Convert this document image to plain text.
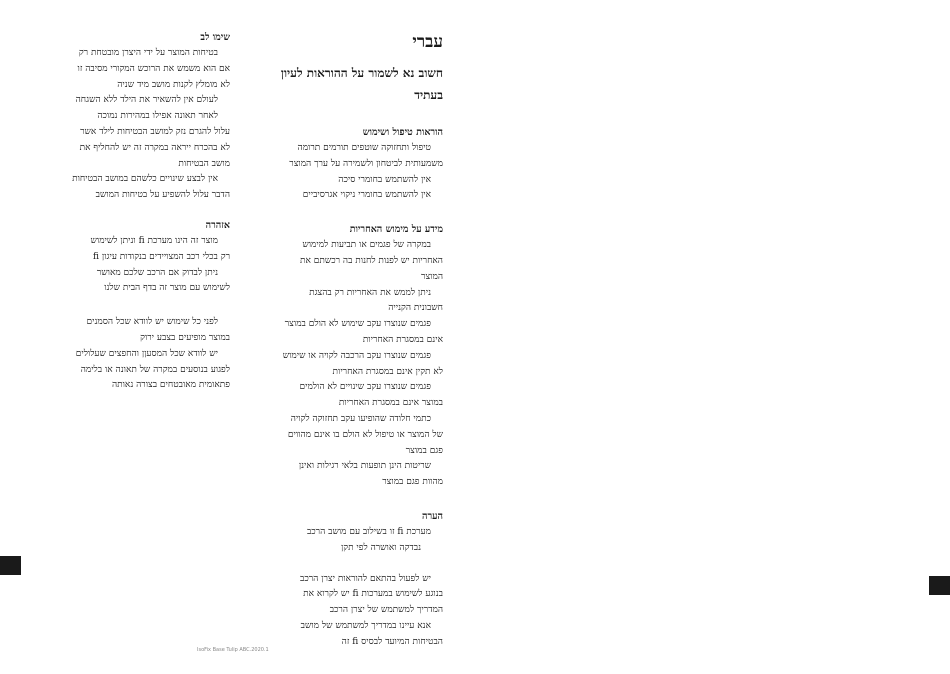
עברי

חשוב נא לשמור על ההוראות לעיון

בעתיד

הוראות טיפול ושימוש

טיפול ותחזוקה שוטפים תורמים תרומה

משמעותית לביטחון ולשמירה על ערך המוצר

אין להשתמש בחומרי סיכה

אין להשתמש בחומרי ניקוי אגרסיביים

מידע על מימוש האחריות

במקרה של פגמים או תביעות למימוש

האחריות יש לפנות לחנות בה רכשתם את

המוצר

ניתן לממש את האחריות רק בהצגת

חשבונית הקנייה

פגמים שנוצרו עקב שימוש לא הולם במוצר

אינם במסגרת האחריות

פגמים שנוצרו עקב הרכבה לקויה או שימוש

לא תקין אינם במסגרת האחריות

פגמים שנוצרו עקב שינויים לא הולמים

במוצר אינם במסגרת האחריות

כתמי חלודה שהופיעו עקב תחזוקה לקויה

של המוצר או טיפול לא הולם בו אינם מהווים

פגם במוצר

שריטות הינן תופעות בלאי רגילות ואינן

מהוות פגם במוצר

הערה

מערכת fi זו בשילוב עם מושב הרכב

נבדקה ואושרה לפי תקן

יש לפעול בהתאם להוראות יצרן הרכב

בנוגע לשימוש במערכות fi יש לקרוא את

המדריך למשתמש של יצרן הרכב

אנא עיינו במדריך למשתמש של מושב

הבטיחות המיועד לבסיס fi זה

שימו לב

בטיחות המוצר על ידי היצרן מובטחת רק

אם הוא משמש את הרוכש המקורי מסיבה זו

לא מומלץ לקנות מושב מיד שניה

לעולם אין להשאיר את הילד ללא השגחה

לאחר תאונה אפילו במהירות נמוכה

עלול להגרם נזק למושב הבטיחות לילד אשר

לא בהכרח ייראה במקרה זה יש להחליף את

מושב הבטיחות

אין לבצע שינויים כלשהם במושב הבטיחות

הדבר עלול להשפיע על בטיחות המושב

אזהרה

מוצר זה הינו מערכת fi וניתן לשימוש

רק בכלי רכב המצויידים בנקודות עיגון fi

ניתן לבדוק אם הרכב שלכם מאושר

לשימוש עם מוצר זה בדף הבית שלנו

לפני כל שימוש יש לוודא שכל הסמנים

במוצר מופיעים בצבע ירוק

יש לוודא שכל המסעןן והחפצים שעלולים

לפגוע בנוסעים במקרה של תאונה או בלימה

פתאומית מאובטחים בצורה נאותה

IsoFix Base Tulip ABC.2020.1
